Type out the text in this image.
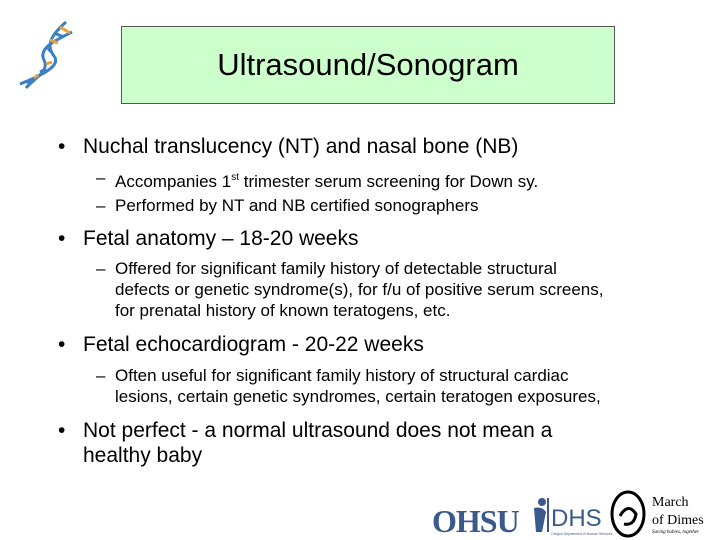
Ultrasound/Sonogram
• Nuchal translucency (NT) and nasal bone (NB)
– Accompanies 1st trimester serum screening for Down sy.
– Performed by NT and NB certified sonographers
• Fetal anatomy – 18-20 weeks
– Offered for significant family history of detectable structural
defects or genetic syndrome(s), for f/u of positive serum screens,
for prenatal history of known teratogens, etc.
• Fetal echocardiogram - 20-22 weeks
– Often useful for significant family history of structural cardiac
lesions, certain genetic syndromes, certain teratogen exposures,
• Not perfect - a normal ultrasound does not mean a
healthy baby
OHSU DHS
Oregon Department of Human Services
March
of Dimes
Saving babies, together
